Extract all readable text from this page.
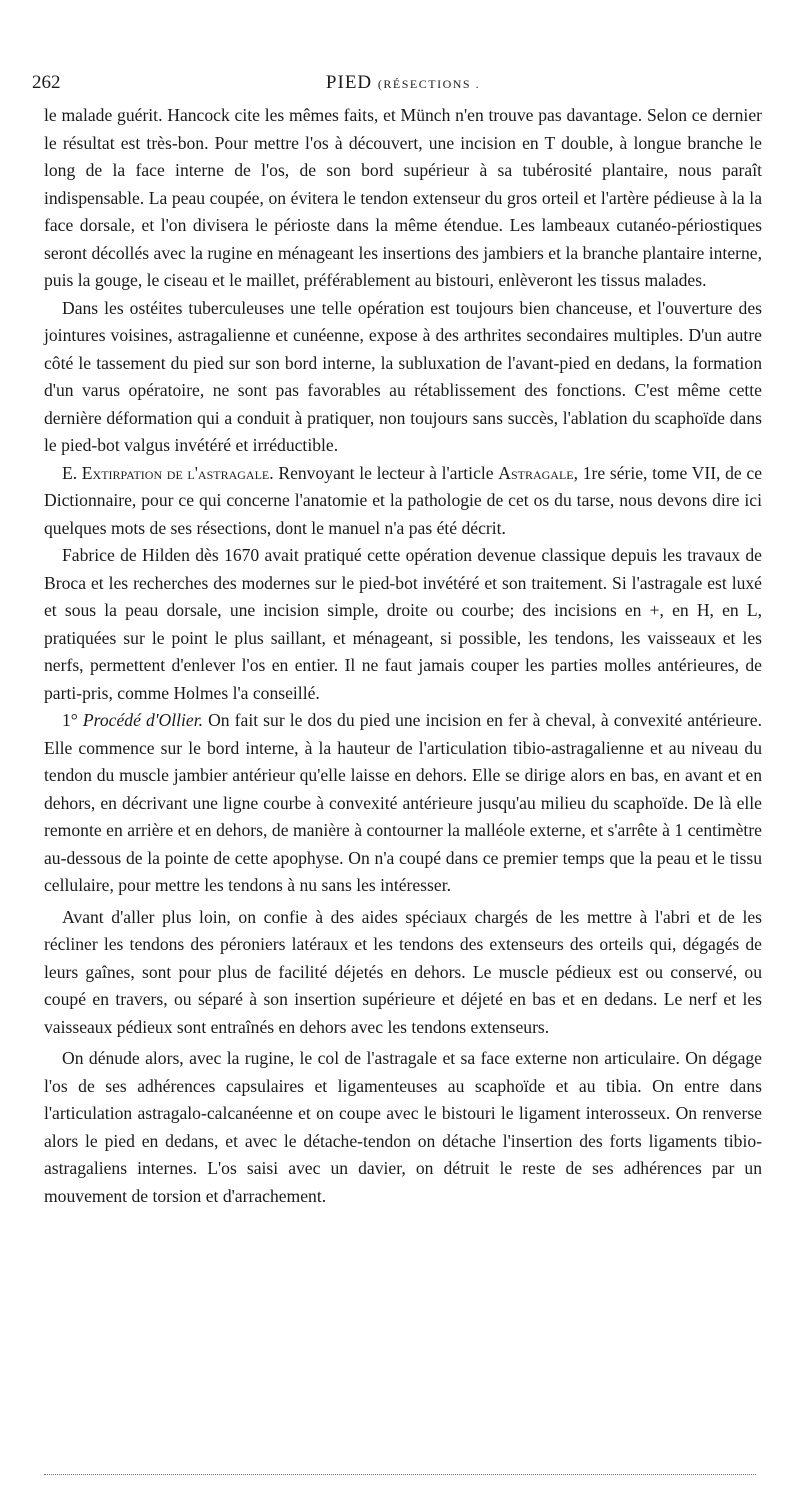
262	PIED (RÉSECTIONS .

le malade guérit. Hancock cite les mêmes faits, et Münch n'en trouve pas davantage. Selon ce dernier le résultat est très-bon. Pour mettre l'os à découvert, une incision en T double, à longue branche le long de la face interne de l'os, de son bord supérieur à sa tubérosité plantaire, nous paraît indispensable. La peau coupée, on évitera le tendon extenseur du gros orteil et l'artère pédieuse à la la face dorsale, et l'on divisera le périoste dans la même étendue. Les lambeaux cutanéo-périostiques seront décollés avec la rugine en ménageant les insertions des jambiers et la branche plantaire interne, puis la gouge, le ciseau et le maillet, préférablement au bistouri, enlèveront les tissus malades.

Dans les ostéites tuberculeuses une telle opération est toujours bien chanceuse, et l'ouverture des jointures voisines, astragalienne et cunéenne, expose à des arthrites secondaires multiples. D'un autre côté le tassement du pied sur son bord interne, la subluxation de l'avant-pied en dedans, la formation d'un varus opératoire, ne sont pas favorables au rétablissement des fonctions. C'est même cette dernière déformation qui a conduit à pratiquer, non toujours sans succès, l'ablation du scaphoïde dans le pied-bot valgus invétéré et irréductible.

E. Extirpation de l'astragale. Renvoyant le lecteur à l'article Astragale, 1re série, tome VII, de ce Dictionnaire, pour ce qui concerne l'anatomie et la pathologie de cet os du tarse, nous devons dire ici quelques mots de ses résections, dont le manuel n'a pas été décrit.

Fabrice de Hilden dès 1670 avait pratiqué cette opération devenue classique depuis les travaux de Broca et les recherches des modernes sur le pied-bot invétéré et son traitement. Si l'astragale est luxé et sous la peau dorsale, une incision simple, droite ou courbe; des incisions en +, en H, en L, pratiquées sur le point le plus saillant, et ménageant, si possible, les tendons, les vaisseaux et les nerfs, permettent d'enlever l'os en entier. Il ne faut jamais couper les parties molles antérieures, de parti-pris, comme Holmes l'a conseillé.

1° Procédé d'Ollier. On fait sur le dos du pied une incision en fer à cheval, à convexité antérieure. Elle commence sur le bord interne, à la hauteur de l'articulation tibio-astragalienne et au niveau du tendon du muscle jambier antérieur qu'elle laisse en dehors. Elle se dirige alors en bas, en avant et en dehors, en décrivant une ligne courbe à convexité antérieure jusqu'au milieu du scaphoïde. De là elle remonte en arrière et en dehors, de manière à contourner la malléole externe, et s'arrête à 1 centimètre au-dessous de la pointe de cette apophyse. On n'a coupé dans ce premier temps que la peau et le tissu cellulaire, pour mettre les tendons à nu sans les intéresser.

Avant d'aller plus loin, on confie à des aides spéciaux chargés de les mettre à l'abri et de les récliner les tendons des péroniers latéraux et les tendons des extenseurs des orteils qui, dégagés de leurs gaînes, sont pour plus de facilité déjetés en dehors. Le muscle pédieux est ou conservé, ou coupé en travers, ou séparé à son insertion supérieure et déjeté en bas et en dedans. Le nerf et les vaisseaux pédieux sont entraînés en dehors avec les tendons extenseurs.

On dénude alors, avec la rugine, le col de l'astragale et sa face externe non articulaire. On dégage l'os de ses adhérences capsulaires et ligamenteuses au scaphoïde et au tibia. On entre dans l'articulation astragalo-calcanéenne et on coupe avec le bistouri le ligament interosseux. On renverse alors le pied en dedans, et avec le détache-tendon on détache l'insertion des forts ligaments tibio-astragaliens internes. L'os saisi avec un davier, on détruit le reste de ses adhérences par un mouvement de torsion et d'arrachement.
